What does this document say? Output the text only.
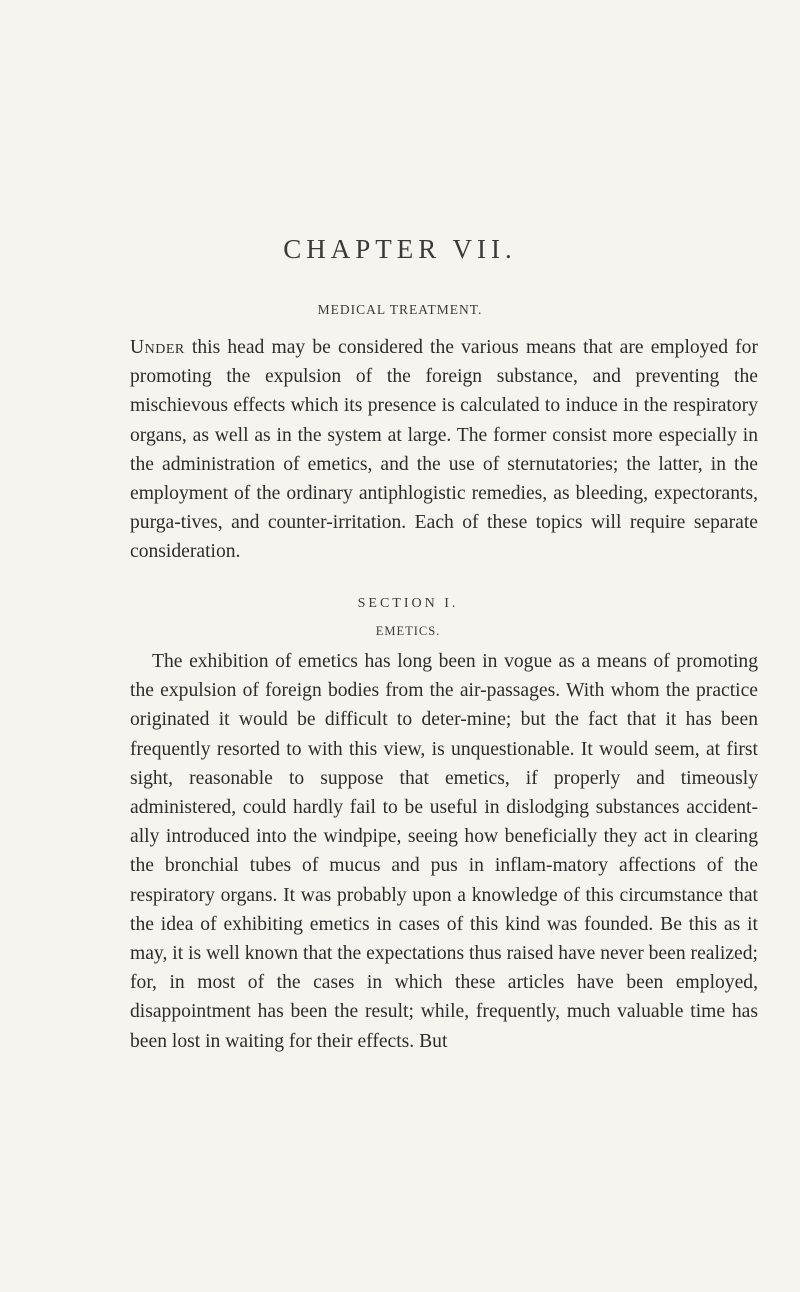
CHAPTER VII.
MEDICAL TREATMENT.

Under this head may be considered the various means that are employed for promoting the expulsion of the foreign substance, and preventing the mischievous effects which its presence is calculated to induce in the respiratory organs, as well as in the system at large. The former consist more especially in the administration of emetics, and the use of sternutatories; the latter, in the employment of the ordinary antiphlogistic remedies, as bleeding, expectorants, purga-tives, and counter-irritation. Each of these topics will require separate consideration.

SECTION I.
EMETICS.

The exhibition of emetics has long been in vogue as a means of promoting the expulsion of foreign bodies from the air-passages. With whom the practice originated it would be difficult to deter-mine; but the fact that it has been frequently resorted to with this view, is unquestionable. It would seem, at first sight, reasonable to suppose that emetics, if properly and timeously administered, could hardly fail to be useful in dislodging substances accident-ally introduced into the windpipe, seeing how beneficially they act in clearing the bronchial tubes of mucus and pus in inflam-matory affections of the respiratory organs. It was probably upon a knowledge of this circumstance that the idea of exhibiting emetics in cases of this kind was founded. Be this as it may, it is well known that the expectations thus raised have never been realized; for, in most of the cases in which these articles have been employed, disappointment has been the result; while, frequently, much valuable time has been lost in waiting for their effects. But
